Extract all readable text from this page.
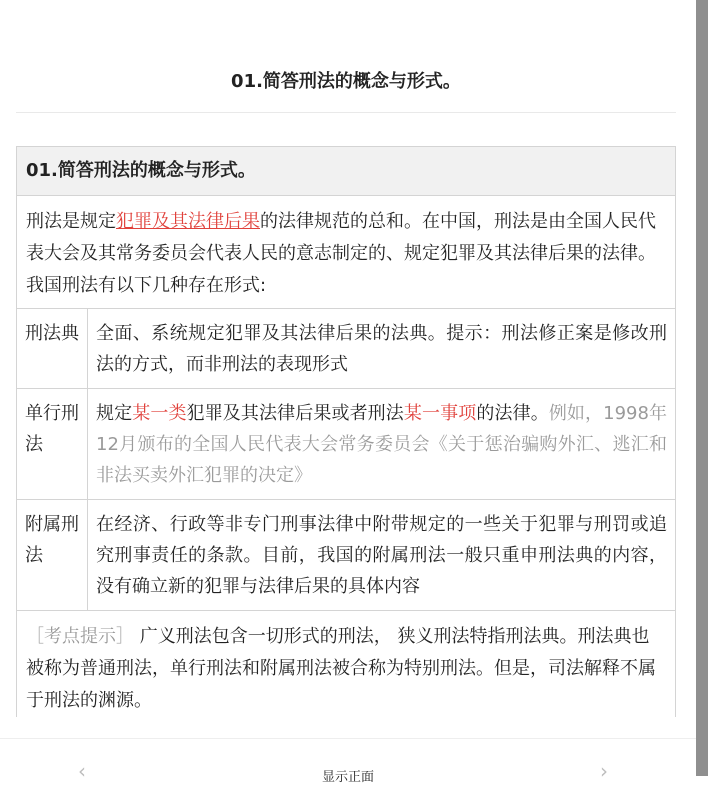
01.简答刑法的概念与形式。
01.简答刑法的概念与形式。

刑法是规定犯罪及其法律后果的法律规范的总和。在中国，刑法是由全国人民代表大会及其常务委员会代表人民的意志制定的、规定犯罪及其法律后果的法律。

我国刑法有以下几种存在形式:

刑法典 全面、系统规定犯罪及其法律后果的法典。提示：刑法修正案是修改刑法的方式，而非刑法的表现形式
单行刑法
规定某一类犯罪及其法律后果或者刑法某一事项的法律。例如，1998年12月颁布的全国人民代表大会常务委员会《关于惩治骗购外汇、逃汇和非法买卖外汇犯罪的决定》
附属刑法
在经济、行政等非专门刑事法律中附带规定的一些关于犯罪与刑罚或追究刑事责任的条款。目前，我国的附属刑法一般只重申刑法典的内容，没有确立新的犯罪与法律后果的具体内容
［考点提示］ 广义刑法包含一切形式的刑法， 狭义刑法特指刑法典。刑法典也被称为普通刑法，单行刑法和附属刑法被合称为特别刑法。但是，司法解释不属于刑法的渊源。
‹	显示正面	›
